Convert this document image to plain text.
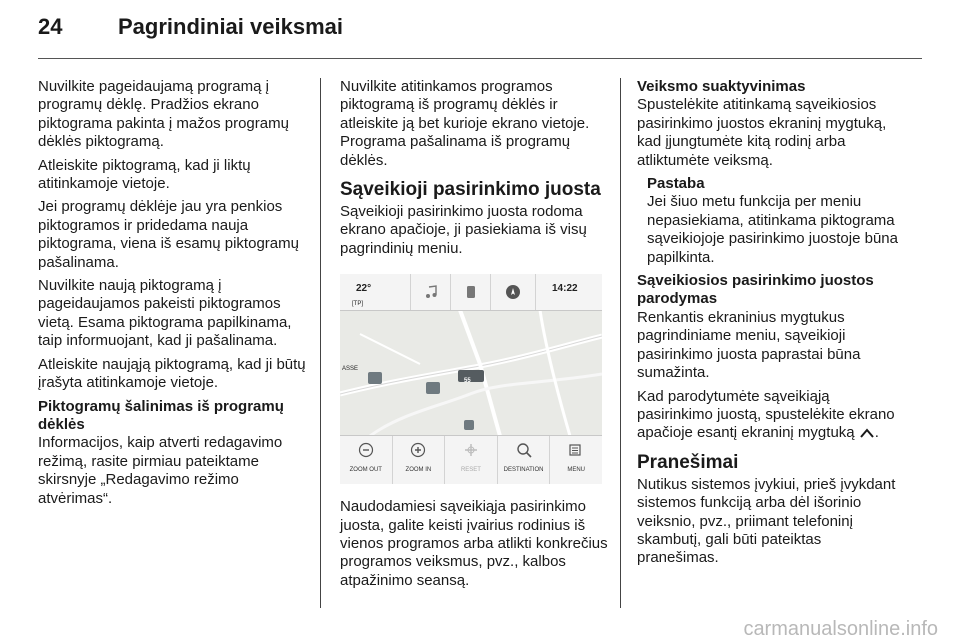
24	Pagrindiniai veiksmai

Nuvilkite pageidaujamą programą į programų dėklę. Pradžios ekrano piktograma pakinta į mažos programų dėklės piktogramą.

Atleiskite piktogramą, kad ji liktų atitinkamoje vietoje.

Jei programų dėklėje jau yra penkios piktogramos ir pridedama nauja piktograma, viena iš esamų piktogramų pašalinama.

Nuvilkite naują piktogramą į pageidaujamos pakeisti piktogramos vietą. Esama piktograma papilkinama, taip informuojant, kad ji pašalinama.

Atleiskite naująją piktogramą, kad ji būtų įrašyta atitinkamoje vietoje.

Piktogramų šalinimas iš programų dėklės

Informacijos, kaip atverti redagavimo režimą, rasite pirmiau pateiktame skirsnyje „Redagavimo režimo atvėrimas“.

Nuvilkite atitinkamos programos piktogramą iš programų dėklės ir atleiskite ją bet kurioje ekrano vietoje. Programa pašalinama iš programų dėklės.

Sąveikioji pasirinkimo juosta

Sąveikioji pasirinkimo juosta rodoma ekrano apačioje, ji pasiekiama iš visų pagrindinių meniu.

22°
[TP]
14:22
55
ASSE
ZOOM OUT	ZOOM IN	RESET	DESTINATION	MENU

Naudodamiesi sąveikiąja pasirinkimo juosta, galite keisti įvairius rodinius iš vienos programos arba atlikti konkrečius programos veiksmus, pvz., kalbos atpažinimo seansą.

Veiksmo suaktyvinimas

Spustelėkite atitinkamą sąveikiosios pasirinkimo juostos ekraninį mygtuką, kad įjungtumėte kitą rodinį arba atliktumėte veiksmą.

Pastaba

Jei šiuo metu funkcija per meniu nepasiekiama, atitinkama piktograma sąveikiojoje pasirinkimo juostoje būna papilkinta.

Sąveikiosios pasirinkimo juostos parodymas

Renkantis ekraninius mygtukus pagrindiniame meniu, sąveikioji pasirinkimo juosta paprastai būna sumažinta.

Kad parodytumėte sąveikiąją pasirinkimo juostą, spustelėkite ekrano apačioje esantį ekraninį mygtuką .

Pranešimai

Nutikus sistemos įvykiui, prieš įvykdant sistemos funkciją arba dėl išorinio veiksnio, pvz., priimant telefoninį skambutį, gali būti pateiktas pranešimas.

carmanualsonline.info
